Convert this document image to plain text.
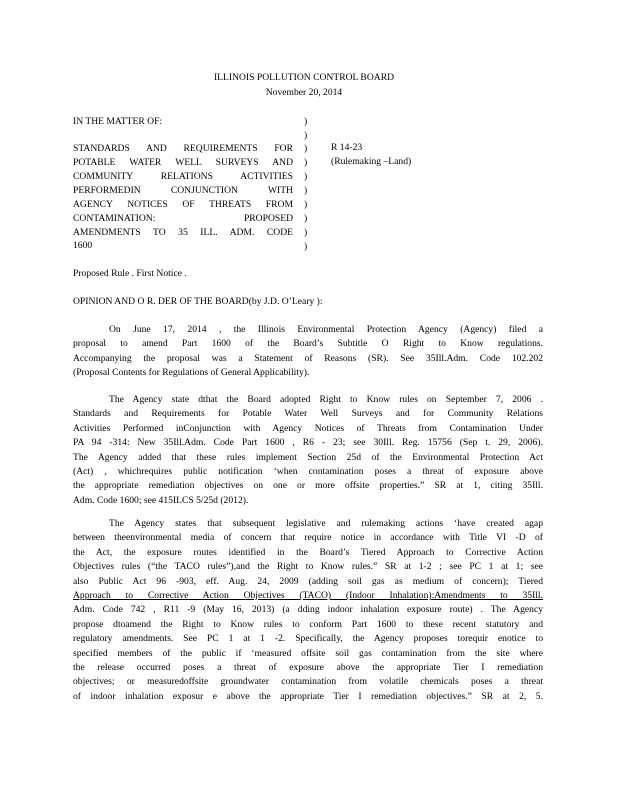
ILLINOIS POLLUTION CONTROL BOARD
November 20, 2014
IN THE MATTER OF:
STANDARDS AND REQUIREMENTS FOR
POTABLE WATER WELL SURVEYS AND
COMMUNITY RELATIONS ACTIVITIES
PERFORMEDIN CONJUNCTION WITH
AGENCY NOTICES OF THREATS FROM
CONTAMINATION: PROPOSED
AMENDMENTS TO 35 ILL. ADM. CODE
1600
)
)
)
)
)
)
)
)
)
)
R 14-23
(Rulemaking –Land)
Proposed Rule . First Notice .
OPINION AND O R. DER OF THE BOARD(by J.D. O’Leary ):
On June 17, 2014 , the Illinois Environmental Protection Agency (Agency) filed a
proposal to amend Part 1600 of the Board’s Subtitle O Right to Know regulations.
Accompanying the proposal was a Statement of Reasons (SR). See 35Ill.Adm. Code 102.202
(Proposal Contents for Regulations of General Applicability).
The Agency state dthat the Board adopted Right to Know rules on September 7, 2006 .
Standards and Requirements for Potable Water Well Surveys and for Community Relations
Activities Performed inConjunction with Agency Notices of Threats from Contamination Under
PA 94 -314: New 35Ill.Adm. Code Part 1600 , R6 - 23; see 30Ill. Reg. 15756 (Sep t. 29, 2006).
The Agency added that these rules implement Section 25d of the Environmental Protection Act
(Act) , whichrequires public notification ‘when contamination poses a threat of exposure above
the appropriate remediation objectives on one or more offsite properties.” SR at 1, citing 35Ill.
Adm. Code 1600; see 415ILCS 5/25d (2012).
The Agency states that subsequent legislative and rulemaking actions ‘have created agap
between theenvironmental media of concern that require notice in accordance with Title VI -D of
the Act, the exposure routes identified in the Board’s Tiered Approach to Corrective Action
Objectives rules (“the TACO rules”),and the Right to Know rules.” SR at 1-2 ; see PC 1 at 1; see
also Public Act 96 -903, eff. Aug. 24, 2009 (adding soil gas as medium of concern); Tiered
Approach to Corrective Action Objectives (TACO) (Indoor Inhalation):Amendments to 35Ill.
Adm. Code 742 , R11 -9 (May 16, 2013) (a dding indoor inhalation exposure route) . The Agency
propose dtoamend the Right to Know rules to conform Part 1600 to these recent statutory and
regulatory amendments. See PC 1 at 1 -2. Specifically, the Agency proposes torequir enotice to
specified members of the public if ‘measured offsite soil gas contamination from the site where
the release occurred poses a threat of exposure above the appropriate Tier I remediation
objectives; or measuredoffsite groundwater contamination from volatile chemicals poses a threat
of indoor inhalation exposur e above the appropriate Tier I remediation objectives.” SR at 2, 5.
